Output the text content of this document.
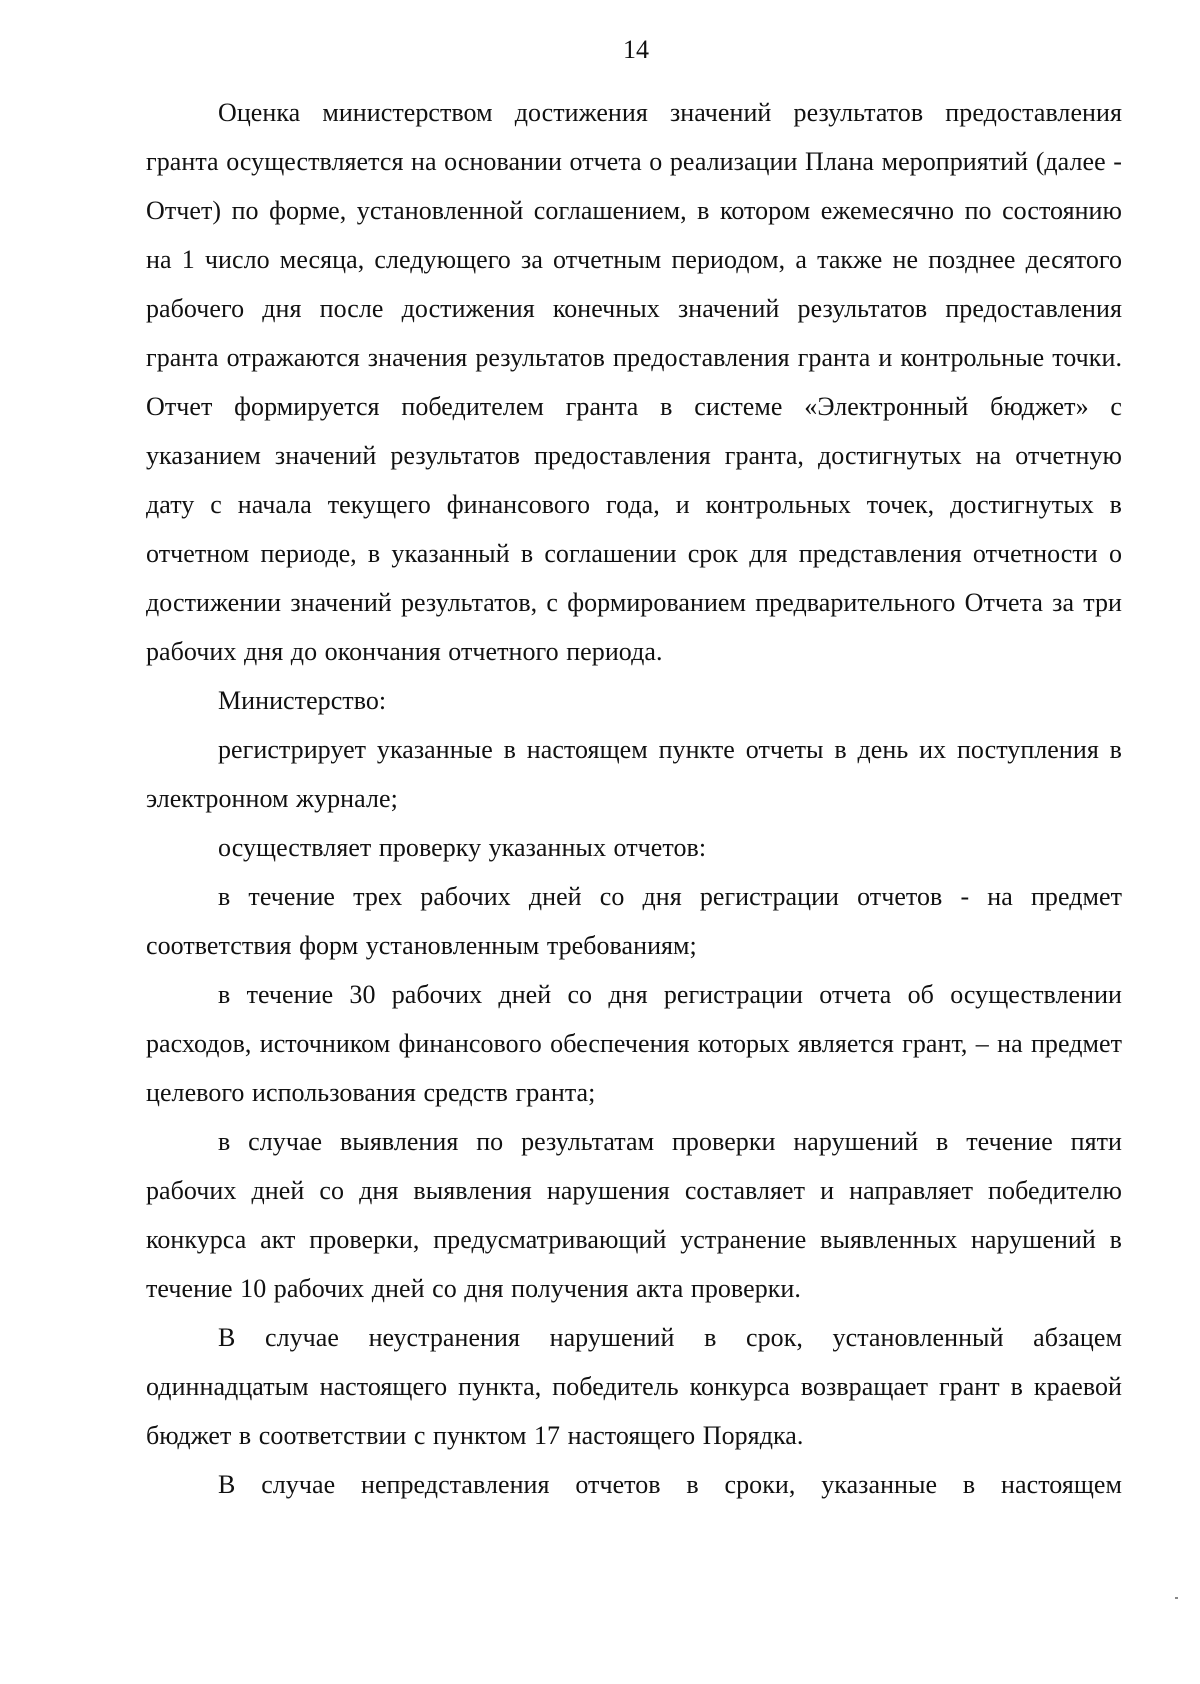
14

Оценка министерством достижения значений результатов предоставления гранта осуществляется на основании отчета о реализации Плана мероприятий (далее - Отчет) по форме, установленной соглашением, в котором ежемесячно по состоянию на 1 число месяца, следующего за отчетным периодом, а также не позднее десятого рабочего дня после достижения конечных значений результатов предоставления гранта отражаются значения результатов предоставления гранта и контрольные точки. Отчет формируется победителем гранта в системе «Электронный бюджет» с указанием значений результатов предоставления гранта, достигнутых на отчетную дату с начала текущего финансового года, и контрольных точек, достигнутых в отчетном периоде, в указанный в соглашении срок для представления отчетности о достижении значений результатов, с формированием предварительного Отчета за три рабочих дня до окончания отчетного периода.

Министерство:

регистрирует указанные в настоящем пункте отчеты в день их поступления в электронном журнале;

осуществляет проверку указанных отчетов:

в течение трех рабочих дней со дня регистрации отчетов - на предмет соответствия форм установленным требованиям;

в течение 30 рабочих дней со дня регистрации отчета об осуществлении расходов, источником финансового обеспечения которых является грант, – на предмет целевого использования средств гранта;

в случае выявления по результатам проверки нарушений в течение пяти рабочих дней со дня выявления нарушения составляет и направляет победителю конкурса акт проверки, предусматривающий устранение выявленных нарушений в течение 10 рабочих дней со дня получения акта проверки.

В случае неустранения нарушений в срок, установленный абзацем одиннадцатым настоящего пункта, победитель конкурса возвращает грант в краевой бюджет в соответствии с пунктом 17 настоящего Порядка.

В случае непредставления отчетов в сроки, указанные в настоящем
